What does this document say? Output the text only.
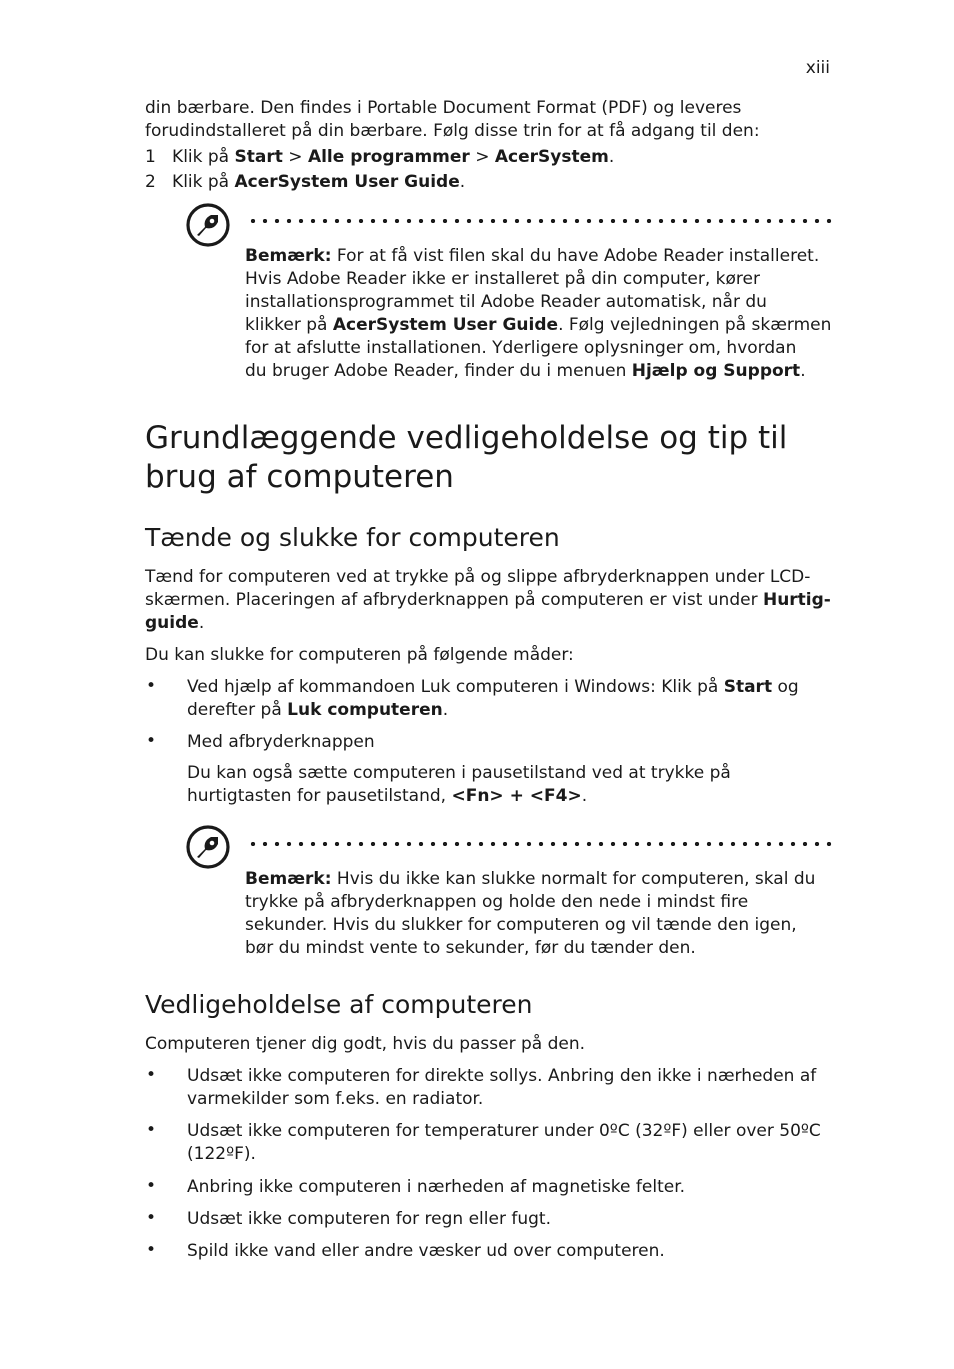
xiii
din bærbare. Den findes i Portable Document Format (PDF) og leveres
forudindstalleret på din bærbare. Følg disse trin for at få adgang til den:
1 Klik på Start > Alle programmer > AcerSystem.
2 Klik på AcerSystem User Guide.
Bemærk: For at få vist filen skal du have Adobe Reader installeret.
Hvis Adobe Reader ikke er installeret på din computer, kører
installationsprogrammet til Adobe Reader automatisk, når du
klikker på AcerSystem User Guide. Følg vejledningen på skærmen
for at afslutte installationen. Yderligere oplysninger om, hvordan
du bruger Adobe Reader, finder du i menuen Hjælp og Support.
Grundlæggende vedligeholdelse og tip til
brug af computeren
Tænde og slukke for computeren
Tænd for computeren ved at trykke på og slippe afbryderknappen under LCD-
skærmen. Placeringen af afbryderknappen på computeren er vist under Hurtig-
guide.
Du kan slukke for computeren på følgende måder:
• Ved hjælp af kommandoen Luk computeren i Windows: Klik på Start og
derefter på Luk computeren.
• Med afbryderknappen
Du kan også sætte computeren i pausetilstand ved at trykke på
hurtigtasten for pausetilstand, <Fn> + <F4>.
Bemærk: Hvis du ikke kan slukke normalt for computeren, skal du
trykke på afbryderknappen og holde den nede i mindst fire
sekunder. Hvis du slukker for computeren og vil tænde den igen,
bør du mindst vente to sekunder, før du tænder den.
Vedligeholdelse af computeren
Computeren tjener dig godt, hvis du passer på den.
• Udsæt ikke computeren for direkte sollys. Anbring den ikke i nærheden af
varmekilder som f.eks. en radiator.
• Udsæt ikke computeren for temperaturer under 0ºC (32ºF) eller over 50ºC
(122ºF).
• Anbring ikke computeren i nærheden af magnetiske felter.
• Udsæt ikke computeren for regn eller fugt.
• Spild ikke vand eller andre væsker ud over computeren.
